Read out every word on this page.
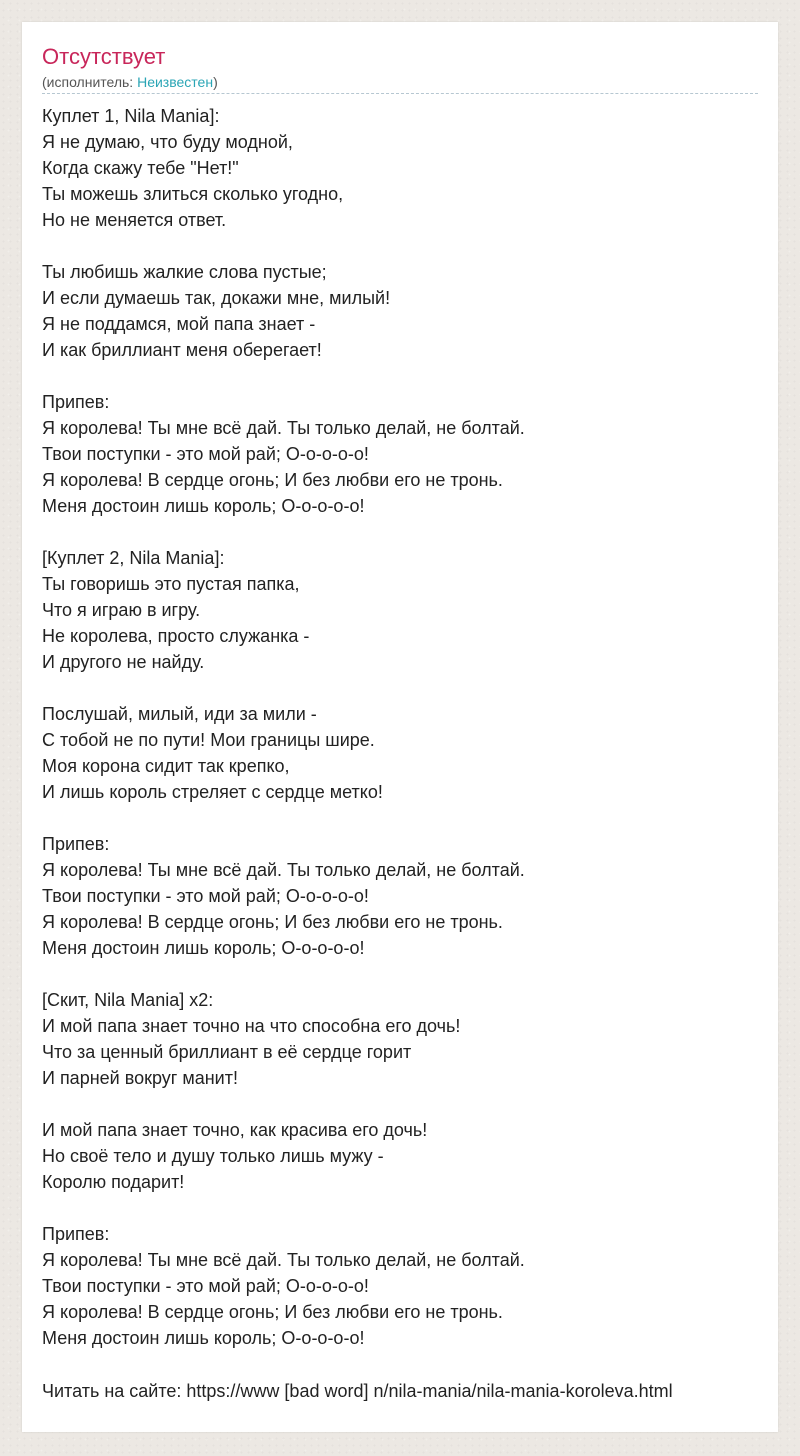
Отсутствует
(исполнитель: Неизвестен)
Куплет 1, Nila Mania]:
Я не думаю, что буду модной,
Когда скажу тебе "Нет!"
Ты можешь злиться сколько угодно,
Но не меняется ответ.
Ты любишь жалкие слова пустые;
И если думаешь так, докажи мне, милый!
Я не поддамся, мой папа знает -
И как бриллиант меня оберегает!
Припев:
Я королева! Ты мне всё дай. Ты только делай, не болтай.
Твои поступки - это мой рай; О-о-о-о-о!
Я королева! В сердце огонь; И без любви его не тронь.
Меня достоин лишь король; О-о-о-о-о!
[Куплет 2, Nila Mania]:
Ты говоришь это пустая папка,
Что я играю в игру.
Не королева, просто служанка -
И другого не найду.
Послушай, милый, иди за мили -
С тобой не по пути! Мои границы шире.
Моя корона сидит так крепко,
И лишь король стреляет с сердце метко!
Припев:
Я королева! Ты мне всё дай. Ты только делай, не болтай.
Твои поступки - это мой рай; О-о-о-о-о!
Я королева! В сердце огонь; И без любви его не тронь.
Меня достоин лишь король; О-о-о-о-о!
[Скит, Nila Mania] x2:
И мой папа знает точно на что способна его дочь!
Что за ценный бриллиант в её сердце горит
И парней вокруг манит!
И мой папа знает точно, как красива его дочь!
Но своё тело и душу только лишь мужу -
Королю подарит!
Припев:
Я королева! Ты мне всё дай. Ты только делай, не болтай.
Твои поступки - это мой рай; О-о-о-о-о!
Я королева! В сердце огонь; И без любви его не тронь.
Меня достоин лишь король; О-о-о-о-о!
Читать на сайте: https://www [bad word] n/nila-mania/nila-mania-koroleva.html
